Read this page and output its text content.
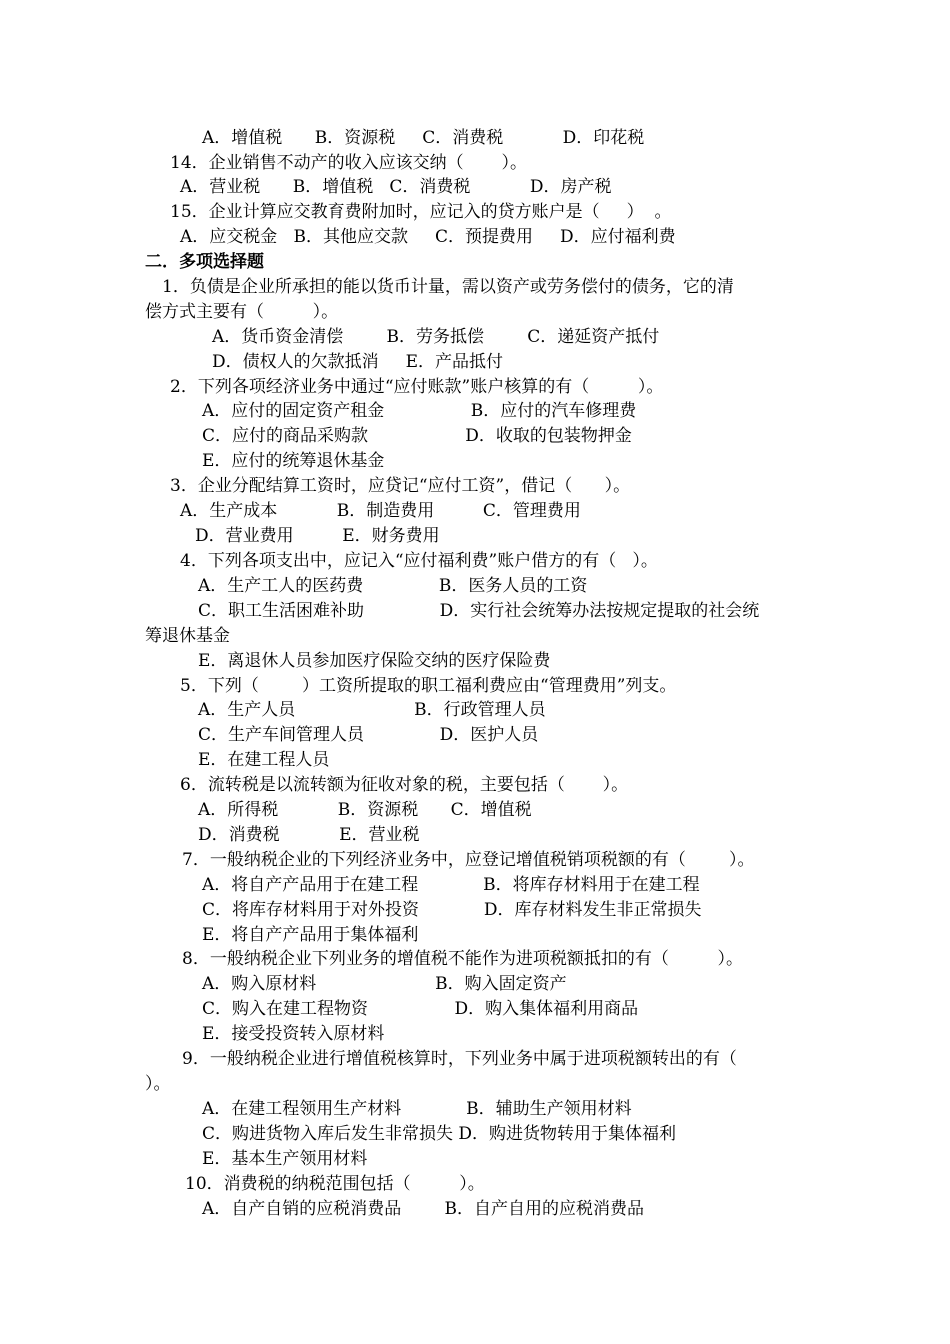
A．增值税      B．资源税     C．消费税           D．印花税
14．企业销售不动产的收入应该交纳（       ）。
A．营业税      B．增值税   C．消费税           D．房产税
15．企业计算应交教育费附加时，应记入的贷方账户是（     ）  。
A．应交税金   B．其他应交款     C．预提费用     D．应付福利费
二．多项选择题
1．负债是企业所承担的能以货币计量，需以资产或劳务偿付的债务，它的清
偿方式主要有（         ）。
A．货币资金清偿        B．劳务抵偿        C．递延资产抵付
D．债权人的欠款抵消     E．产品抵付
2．下列各项经济业务中通过“应付账款”账户核算的有（         ）。
A．应付的固定资产租金                B．应付的汽车修理费
C．应付的商品采购款                  D．收取的包装物押金
E．应付的统筹退休基金
3．企业分配结算工资时，应贷记“应付工资”，借记（      ）。
A．生产成本           B．制造费用         C．管理费用
D．营业费用         E．财务费用
4．下列各项支出中，应记入“应付福利费”账户借方的有（   ）。
A．生产工人的医药费              B．医务人员的工资
C．职工生活困难补助              D．实行社会统筹办法按规定提取的社会统
筹退休基金
E．离退休人员参加医疗保险交纳的医疗保险费
5．下列（        ）工资所提取的职工福利费应由“管理费用”列支。
A．生产人员                      B．行政管理人员
C．生产车间管理人员              D．医护人员
E．在建工程人员
6．流转税是以流转额为征收对象的税，主要包括（       ）。
A．所得税           B．资源税      C．增值税
D．消费税           E．营业税
7．一般纳税企业的下列经济业务中，应登记增值税销项税额的有（        ）。
A．将自产产品用于在建工程            B．将库存材料用于在建工程
C．将库存材料用于对外投资            D．库存材料发生非正常损失
E．将自产产品用于集体福利
8．一般纳税企业下列业务的增值税不能作为进项税额抵扣的有（         ）。
A．购入原材料                      B．购入固定资产
C．购入在建工程物资                D．购入集体福利用商品
E．接受投资转入原材料
9．一般纳税企业进行增值税核算时，下列业务中属于进项税额转出的有（
）。
A．在建工程领用生产材料            B．辅助生产领用材料
C．购进货物入库后发生非常损失 D．购进货物转用于集体福利
E．基本生产领用材料
10．消费税的纳税范围包括（         ）。
A．自产自销的应税消费品        B．自产自用的应税消费品
